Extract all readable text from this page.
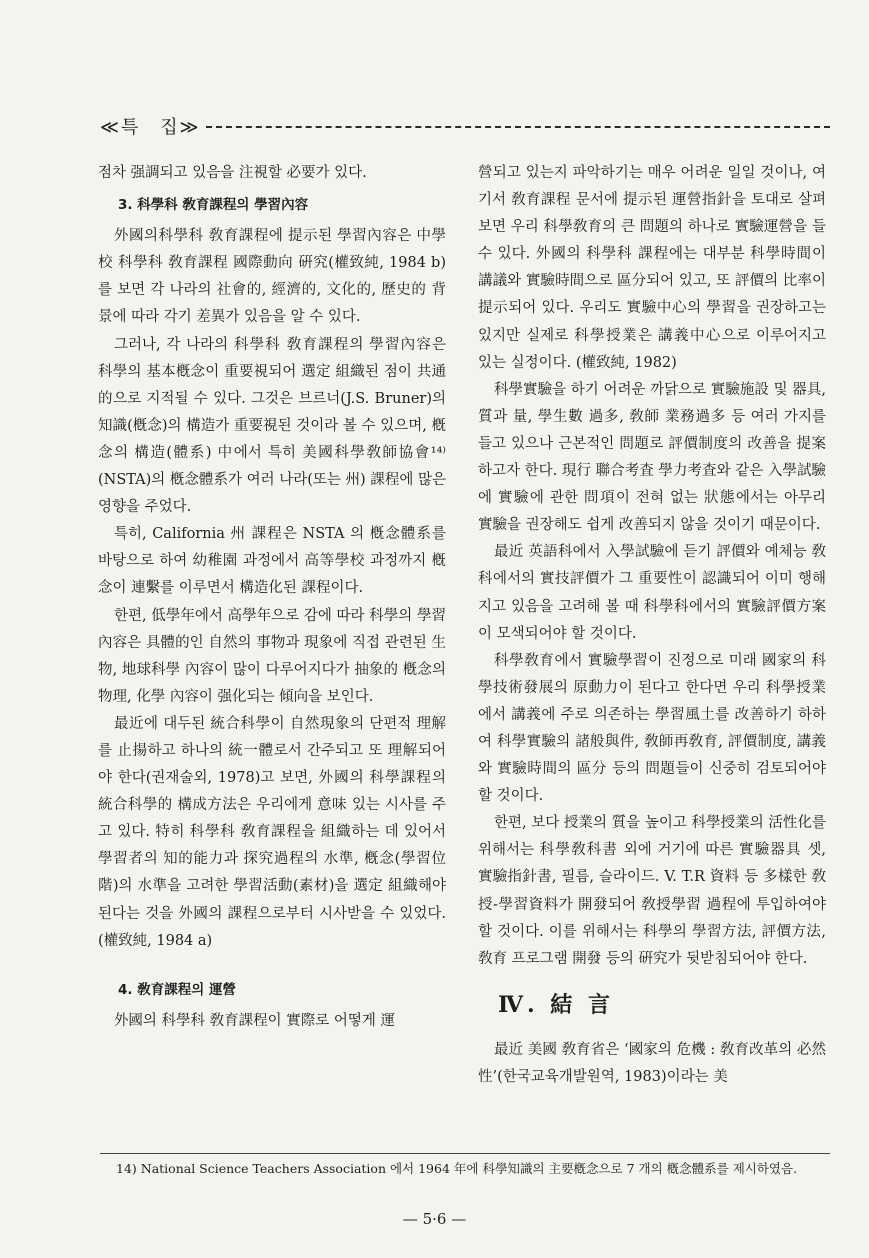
≪특　집≫

점차 强調되고 있음을 注視할 必要가 있다.

3. 科學科 敎育課程의 學習內容

外國의科學科 敎育課程에 提示된 學習內容은 中學校 科學科 敎育課程 國際動向 硏究(權致純, 1984 b)를 보면 각 나라의 社會的, 經濟的, 文化的, 歷史的 背景에 따라 각기 差異가 있음을 알 수 있다.

그러나, 각 나라의 科學科 敎育課程의 學習內容은 科學의 基本槪念이 重要視되어 選定 組織된 점이 共通的으로 지적될 수 있다. 그것은 브르너(J.S. Bruner)의 知識(槪念)의 構造가 重要視된 것이라 볼 수 있으며, 槪念의 構造(體系) 中에서 특히 美國科學敎師協會¹⁴⁾(NSTA)의 槪念體系가 여러 나라(또는 州) 課程에 많은 영향을 주었다.

특히, California 州 課程은 NSTA 의 槪念體系를 바탕으로 하여 幼稚園 과정에서 高等學校 과정까지 槪念이 連繫를 이루면서 構造化된 課程이다.

한편, 低學年에서 高學年으로 감에 따라 科學의 學習內容은 具體的인 自然의 事物과 現象에 직접 관련된 生物, 地球科學 內容이 많이 다루어지다가 抽象的 槪念의 物理, 化學 內容이 强化되는 傾向을 보인다.

最近에 대두된 統合科學이 自然現象의 단편적 理解를 止揚하고 하나의 統一體로서 간주되고 또 理解되어야 한다(권재술외, 1978)고 보면, 外國의 科學課程의 統合科學的 構成方法은 우리에게 意味 있는 시사를 주고 있다. 特히 科學科 敎育課程을 組織하는 데 있어서 學習者의 知的能力과 探究過程의 水準, 槪念(學習位階)의 水準을 고려한 學習活動(素材)을 選定 組織해야 된다는 것을 外國의 課程으로부터 시사받을 수 있었다. (權致純, 1984 a)

4. 敎育課程의 運營

外國의 科學科 敎育課程이 實際로 어떻게 運

營되고 있는지 파악하기는 매우 어려운 일일 것이나, 여기서 敎育課程 문서에 提示된 運營指針을 토대로 살펴보면 우리 科學敎育의 큰 問題의 하나로 實驗運營을 들 수 있다. 外國의 科學科 課程에는 대부분 科學時間이 講議와 實驗時間으로 區分되어 있고, 또 評價의 比率이 提示되어 있다. 우리도 實驗中心의 學習을 권장하고는 있지만 실제로 科學授業은 講義中心으로 이루어지고 있는 실정이다. (權致純, 1982)

科學實驗을 하기 어려운 까닭으로 實驗施設 및 器具, 質과 量, 學生數 過多, 敎師 業務過多 등 여러 가지를 들고 있으나 근본적인 問題로 評價制度의 改善을 提案하고자 한다. 現行 聯合考査 學力考査와 같은 入學試驗에 實驗에 관한 問項이 전혀 없는 狀態에서는 아무리 實驗을 권장해도 쉽게 改善되지 않을 것이기 때문이다.

最近 英語科에서 入學試驗에 듣기 評價와 예체능 敎科에서의 實技評價가 그 重要性이 認識되어 이미 행해지고 있음을 고려해 볼 때 科學科에서의 實驗評價方案이 모색되어야 할 것이다.

科學敎育에서 實驗學習이 진정으로 미래 國家의 科學技術發展의 原動力이 된다고 한다면 우리 科學授業에서 講義에 주로 의존하는 學習風土를 改善하기 하하여 科學實驗의 諸般與件, 敎師再敎育, 評價制度, 講義와 實驗時間의 區分 등의 問題들이 신중히 검토되어야 할 것이다.

한편, 보다 授業의 質을 높이고 科學授業의 活性化를 위해서는 科學敎科書 외에 거기에 따른 實驗器具 셋, 實驗指針書, 필름, 슬라이드. V. T.R 資料 등 多樣한 敎授-學習資料가 開發되어 敎授學習 過程에 투입하여야 할 것이다. 이를 위해서는 科學의 學習方法, 評價方法, 敎育 프로그램 開發 등의 硏究가 뒷받침되어야 한다.

Ⅳ. 結 言

最近 美國 敎育省은 ‘國家의 危機 : 敎育改革의 必然性’(한국교육개발원역, 1983)이라는 美

14) National Science Teachers Association 에서 1964 年에 科學知識의 主要槪念으로 7 개의 槪念體系를 제시하였음.
— 5·6 —
